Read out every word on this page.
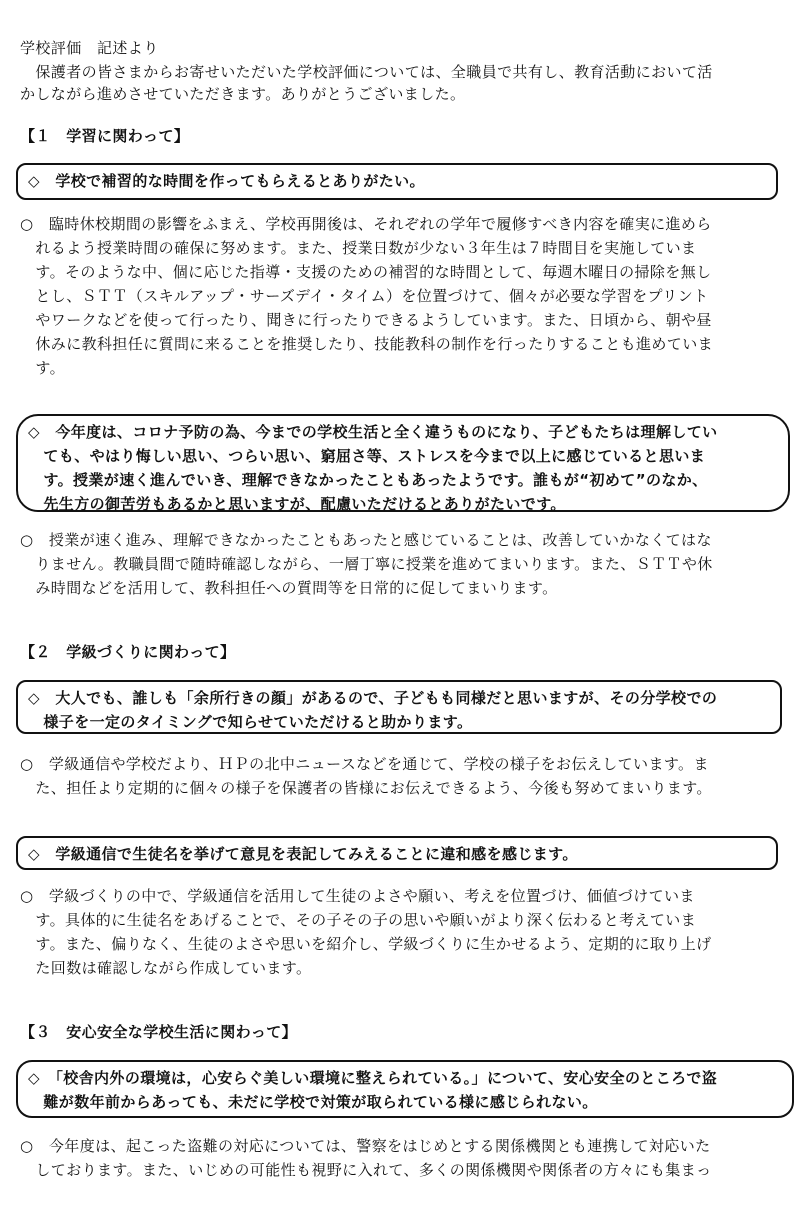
学校評価　記述より

　保護者の皆さまからお寄せいただいた学校評価については、全職員で共有し、教育活動において活

かしながら進めさせていただきます。ありがとうございました。

【１　学習に関わって】

◇　学校で補習的な時間を作ってもらえるとありがたい。

○　臨時休校期間の影響をふまえ、学校再開後は、それぞれの学年で履修すべき内容を確実に進めら

　れるよう授業時間の確保に努めます。また、授業日数が少ない３年生は７時間目を実施していま

　す。そのような中、個に応じた指導・支援のための補習的な時間として、毎週木曜日の掃除を無し

　とし、ＳＴＴ（スキルアップ・サーズデイ・タイム）を位置づけて、個々が必要な学習をプリント

　やワークなどを使って行ったり、聞きに行ったりできるようしています。また、日頃から、朝や昼

　休みに教科担任に質問に来ることを推奨したり、技能教科の制作を行ったりすることも進めていま

　す。

◇　今年度は、コロナ予防の為、今までの学校生活と全く違うものになり、子どもたちは理解してい
　ても、やはり悔しい思い、つらい思い、窮屈さ等、ストレスを今まで以上に感じていると思いま
　す。授業が速く進んでいき、理解できなかったこともあったようです。誰もが“初めて”のなか、
　先生方の御苦労もあるかと思いますが、配慮いただけるとありがたいです。

○　授業が速く進み、理解できなかったこともあったと感じていることは、改善していかなくてはな

　りません。教職員間で随時確認しながら、一層丁寧に授業を進めてまいります。また、ＳＴＴや休

　み時間などを活用して、教科担任への質問等を日常的に促してまいります。

【２　学級づくりに関わって】

◇　大人でも、誰しも「余所行きの顔」があるので、子どもも同様だと思いますが、その分学校での
　様子を一定のタイミングで知らせていただけると助かります。

○　学級通信や学校だより、ＨＰの北中ニュースなどを通じて、学校の様子をお伝えしています。ま

　た、担任より定期的に個々の様子を保護者の皆様にお伝えできるよう、今後も努めてまいります。

◇　学級通信で生徒名を挙げて意見を表記してみえることに違和感を感じます。

○　学級づくりの中で、学級通信を活用して生徒のよさや願い、考えを位置づけ、価値づけていま

　す。具体的に生徒名をあげることで、その子その子の思いや願いがより深く伝わると考えていま

　す。また、偏りなく、生徒のよさや思いを紹介し、学級づくりに生かせるよう、定期的に取り上げ

　た回数は確認しながら作成しています。

【３　安心安全な学校生活に関わって】

◇　「校舎内外の環境は，心安らぐ美しい環境に整えられている。」について、安心安全のところで盗
　難が数年前からあっても、未だに学校で対策が取られている様に感じられない。

○　今年度は、起こった盗難の対応については、警察をはじめとする関係機関とも連携して対応いた

　しております。また、いじめの可能性も視野に入れて、多くの関係機関や関係者の方々にも集まっ
